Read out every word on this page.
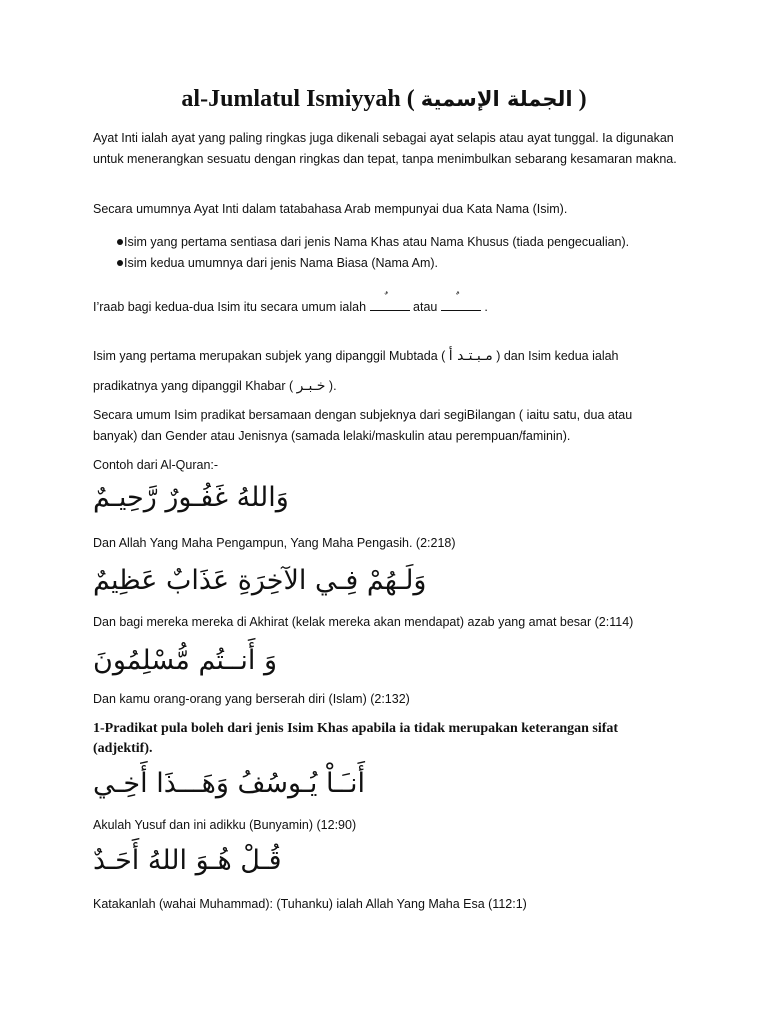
al-Jumlatul Ismiyyah ( الجملة الإسمية )

Ayat Inti ialah ayat yang paling ringkas juga dikenali sebagai ayat selapis atau ayat tunggal. Ia digunakan untuk menerangkan sesuatu dengan ringkas dan tepat, tanpa menimbulkan sebarang kesamaran makna.

Secara umumnya Ayat Inti dalam tatabahasa Arab mempunyai dua Kata Nama (Isim).

Isim yang pertama sentiasa dari jenis Nama Khas atau Nama Khusus (tiada pengecualian).
Isim kedua umumnya dari jenis Nama Biasa (Nama Am).

I’raab bagi kedua-dua Isim itu secara umum ialah	atau	.

Isim yang pertama merupakan subjek yang dipanggil Mubtada ( مـبـتـد أ ) dan Isim kedua ialah
pradikatnya yang dipanggil Khabar ( خـبـر ).

Secara umum Isim pradikat bersamaan dengan subjeknya dari segiBilangan ( iaitu satu, dua atau banyak) dan Gender atau Jenisnya (samada lelaki/maskulin atau perempuan/faminin).

Contoh dari Al-Quran:-

وَاللهُ غَفُـورٌ رَّحِيـمٌ

Dan Allah Yang Maha Pengampun, Yang Maha Pengasih. (2:218)

وَلَـهُمْ فِـي الآخِرَةِ عَذَابٌ عَظِيمٌ

Dan bagi mereka mereka di Akhirat (kelak mereka akan mendapat) azab yang amat besar (2:114)

وَ أَنــتُم مُّسْلِمُونَ

Dan kamu orang-orang yang berserah diri (Islam) (2:132)

1-Pradikat pula boleh dari jenis Isim Khas apabila ia tidak merupakan keterangan sifat (adjektif).

أَنـَـاْ يُـوسُفُ وَهَـــذَا أَخِـي

Akulah Yusuf dan ini adikku (Bunyamin) (12:90)

قُـلْ هُـوَ اللهُ أَحَـدٌ

Katakanlah (wahai Muhammad): (Tuhanku) ialah Allah Yang Maha Esa (112:1)
